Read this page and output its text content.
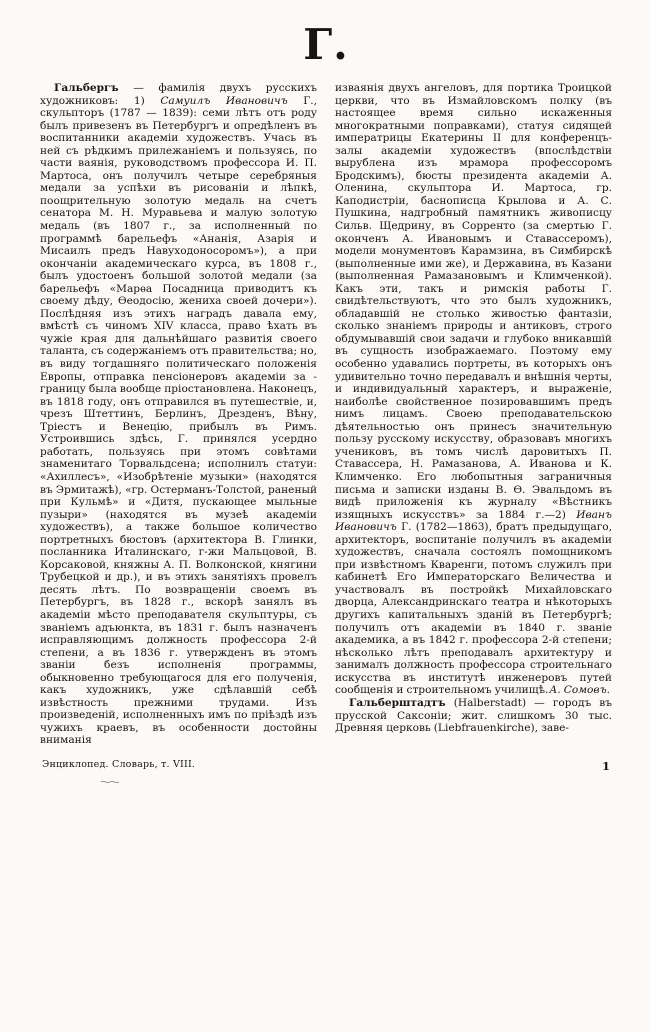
Г.

Гальбергъ — фамилія двухъ русскихъ художниковъ: 1) Самуилъ Ивановичъ Г., скульпторъ (1787 — 1839): семи лѣтъ отъ роду былъ привезенъ въ Петербургъ и опредѣленъ въ воспитанники академіи художествъ. Учась въ ней съ рѣдкимъ прилежаніемъ и пользуясь, по части ваянія, руководствомъ профессора И. П. Мартоса, онъ получилъ четыре серебряныя медали за успѣхи въ рисованіи и лѣпкѣ, поощрительную золотую медаль на счетъ сенатора М. Н. Муравьева и малую золотую медаль (въ 1807 г., за исполненный по программѣ барельефъ «Ананія, Азарія и Мисаилъ предъ Навуходоносоромъ»), а при окончаніи академическаго курса, въ 1808 г., былъ удостоенъ большой золотой медали (за барельефъ «Марѳа Посадница приводитъ къ своему дѣду, Ѳеодосію, жениха своей дочери»). Послѣдняя изъ этихъ наградъ давала ему, вмѣстѣ съ чиномъ XIV класса, право ѣхать въ чужіе края для дальнѣйшаго развитія своего таланта, съ содержаніемъ отъ правительства; но, въ виду тогдашняго политическаго положенія Европы, отправка пенсіонеровъ академіи за - границу была вообще пріостановлена. Наконецъ, въ 1818 году, онъ отправился въ путешествіе, и, чрезъ Штеттинъ, Берлинъ, Дрезденъ, Вѣну, Тріестъ и Венецію, прибылъ въ Римъ. Устроившись здѣсь, Г. принялся усердно работать, пользуясь при этомъ совѣтами знаменитаго Торвальдсена; исполнилъ статуи: «Ахиллесъ», «Изобрѣтеніе музыки» (находятся въ Эрмитажѣ), «гр. Остерманъ-Толстой, раненый при Кульмѣ» и «Дитя, пускающее мыльные пузыри» (находятся въ музеѣ академіи художествъ), а также большое количество портретныхъ бюстовъ (архитектора В. Глинки, посланника Италинскаго, г-жи Мальцовой, В. Корсаковой, княжны А. П. Волконской, княгини Трубецкой и др.), и въ этихъ занятіяхъ провелъ десять лѣтъ. По возвращеніи своемъ въ Петербургъ, въ 1828 г., вскорѣ занялъ въ академіи мѣсто преподавателя скульптуры, съ званіемъ адъюнкта, въ 1831 г. былъ назначенъ исправляющимъ должность профессора 2-й степени, а въ 1836 г. утвержденъ въ этомъ званіи безъ исполненія программы, обыкновенно требующагося для его полученія, какъ художникъ, уже сдѣлавшій себѣ извѣстность прежними трудами. Изъ произведеній, исполненныхъ имъ по пріѣздѣ изъ чужихъ краевъ, въ особенности достойны вниманія

изваянія двухъ ангеловъ, для портика Троицкой церкви, что въ Измайловскомъ полку (въ настоящее время сильно искаженныя многократными поправками), статуя сидящей императрицы Екатерины II для конференцъ-залы академіи художествъ (впослѣдствіи вырублена изъ мрамора профессоромъ Бродскимъ), бюсты президента академіи А. Оленина, скульптора И. Мартоса, гр. Каподистріи, баснописца Крылова и А. С. Пушкина, надгробный памятникъ живописцу Сильв. Щедрину, въ Сорренто (за смертью Г. оконченъ А. Ивановымъ и Ставассеромъ), модели монументовъ Карамзина, въ Симбирскѣ (выполненные ими же), и Державина, въ Казани (выполненная Рамазановымъ и Климченкой). Какъ эти, такъ и римскія работы Г. свидѣтельствуютъ, что это былъ художникъ, обладавшій не столько живостью фантазіи, сколько знаніемъ природы и антиковъ, строго обдумывавшій свои задачи и глубоко вникавшій въ сущность изображаемаго. Поэтому ему особенно удавались портреты, въ которыхъ онъ удивительно точно передавалъ и внѣшнія черты, и индивидуальный характеръ, и выраженіе, наиболѣе свойственное позировавшимъ предъ нимъ лицамъ. Своею преподавательскою дѣятельностью онъ принесъ значительную пользу русскому искусству, образовавъ многихъ учениковъ, въ томъ числѣ даровитыхъ П. Ставассера, Н. Рамазанова, А. Иванова и К. Климченко. Его любопытныя заграничныя письма и записки изданы В. Ѳ. Эвальдомъ въ видѣ приложенія къ журналу «Вѣстникъ изящныхъ искусствъ» за 1884 г.—2) Иванъ Ивановичъ Г. (1782—1863), братъ предыдущаго, архитекторъ, воспитаніе получилъ въ академіи художествъ, сначала состоялъ помощникомъ при извѣстномъ Кваренги, потомъ служилъ при кабинетѣ Его Императорскаго Величества и участвовалъ въ постройкѣ Михайловскаго дворца, Александринскаго театра и нѣкоторыхъ другихъ капитальныхъ зданій въ Петербургѣ; получилъ отъ академіи въ 1840 г. званіе академика, а въ 1842 г. профессора 2-й степени; нѣсколько лѣтъ преподавалъ архитектуру и занималъ должность профессора строительнаго искусства въ институтѣ инженеровъ путей сообщенія и строительномъ училищѣ. А. Сомовъ.

Гальберштадтъ (Halberstadt) — городъ въ прусской Саксоніи; жит. слишкомъ 30 тыс. Древняя церковь (Liebfrauenkirche), заве-

Энциклопед. Словарь, т. VIII.	1
